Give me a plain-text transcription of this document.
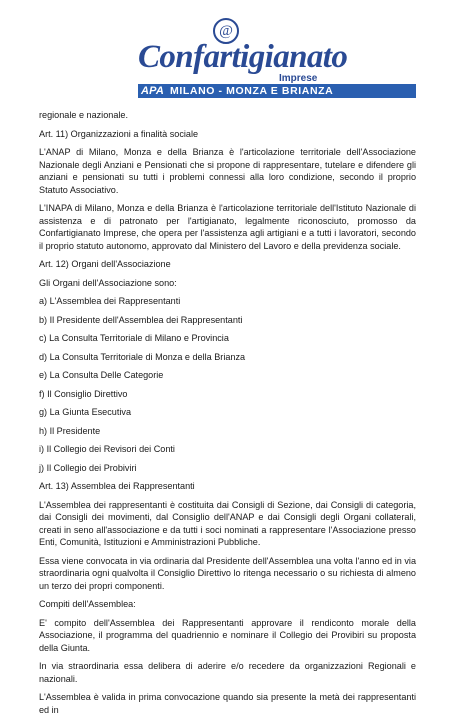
@
Confartigianato
Imprese
APA MILANO - MONZA E BRIANZA

regionale e nazionale.

Art. 11) Organizzazioni a finalità sociale

L'ANAP di Milano, Monza e della Brianza è l'articolazione territoriale dell'Associazione Nazionale degli Anziani e Pensionati che si propone di rappresentare, tutelare e difendere gli anziani e pensionati su tutti i problemi connessi alla loro condizione, secondo il proprio Statuto Associativo.

L'INAPA di Milano, Monza e della Brianza è l'articolazione territoriale dell'Istituto Nazionale di assistenza e di patronato per l'artigianato, legalmente riconosciuto, promosso da Confartigianato Imprese, che opera per l'assistenza agli artigiani e a tutti i lavoratori, secondo il proprio statuto autonomo, approvato dal Ministero del Lavoro e della previdenza sociale.

Art. 12) Organi dell'Associazione

Gli Organi dell'Associazione sono:

a) L'Assemblea dei Rappresentanti

b) Il Presidente dell'Assemblea dei Rappresentanti

c) La Consulta Territoriale di Milano e Provincia

d) La Consulta Territoriale di Monza e della Brianza

e) La Consulta Delle Categorie

f) Il Consiglio Direttivo

g) La Giunta Esecutiva

h) Il Presidente

i) Il Collegio dei Revisori dei Conti

j) Il Collegio dei Probiviri

Art. 13) Assemblea dei Rappresentanti

L'Assemblea dei rappresentanti è costituita dai Consigli di Sezione, dai Consigli di categoria, dai Consigli dei movimenti, dal Consiglio dell'ANAP e dai Consigli degli Organi collaterali, creati in seno all'associazione e da tutti i soci nominati a rappresentare l'Associazione presso Enti, Comunità, Istituzioni e Amministrazioni Pubbliche.

Essa viene convocata in via ordinaria dal Presidente dell'Assemblea una volta l'anno ed in via straordinaria ogni qualvolta il Consiglio Direttivo lo ritenga necessario o su richiesta di almeno un terzo dei propri componenti.

Compiti dell'Assemblea:

E' compito dell'Assemblea dei Rappresentanti approvare il rendiconto morale della Associazione, il programma del quadriennio e nominare il Collegio dei Provibiri su proposta della Giunta.

In via straordinaria essa delibera di aderire e/o recedere da organizzazioni Regionali e nazionali.

L'Assemblea è valida in prima convocazione quando sia presente la metà dei rappresentanti ed in
